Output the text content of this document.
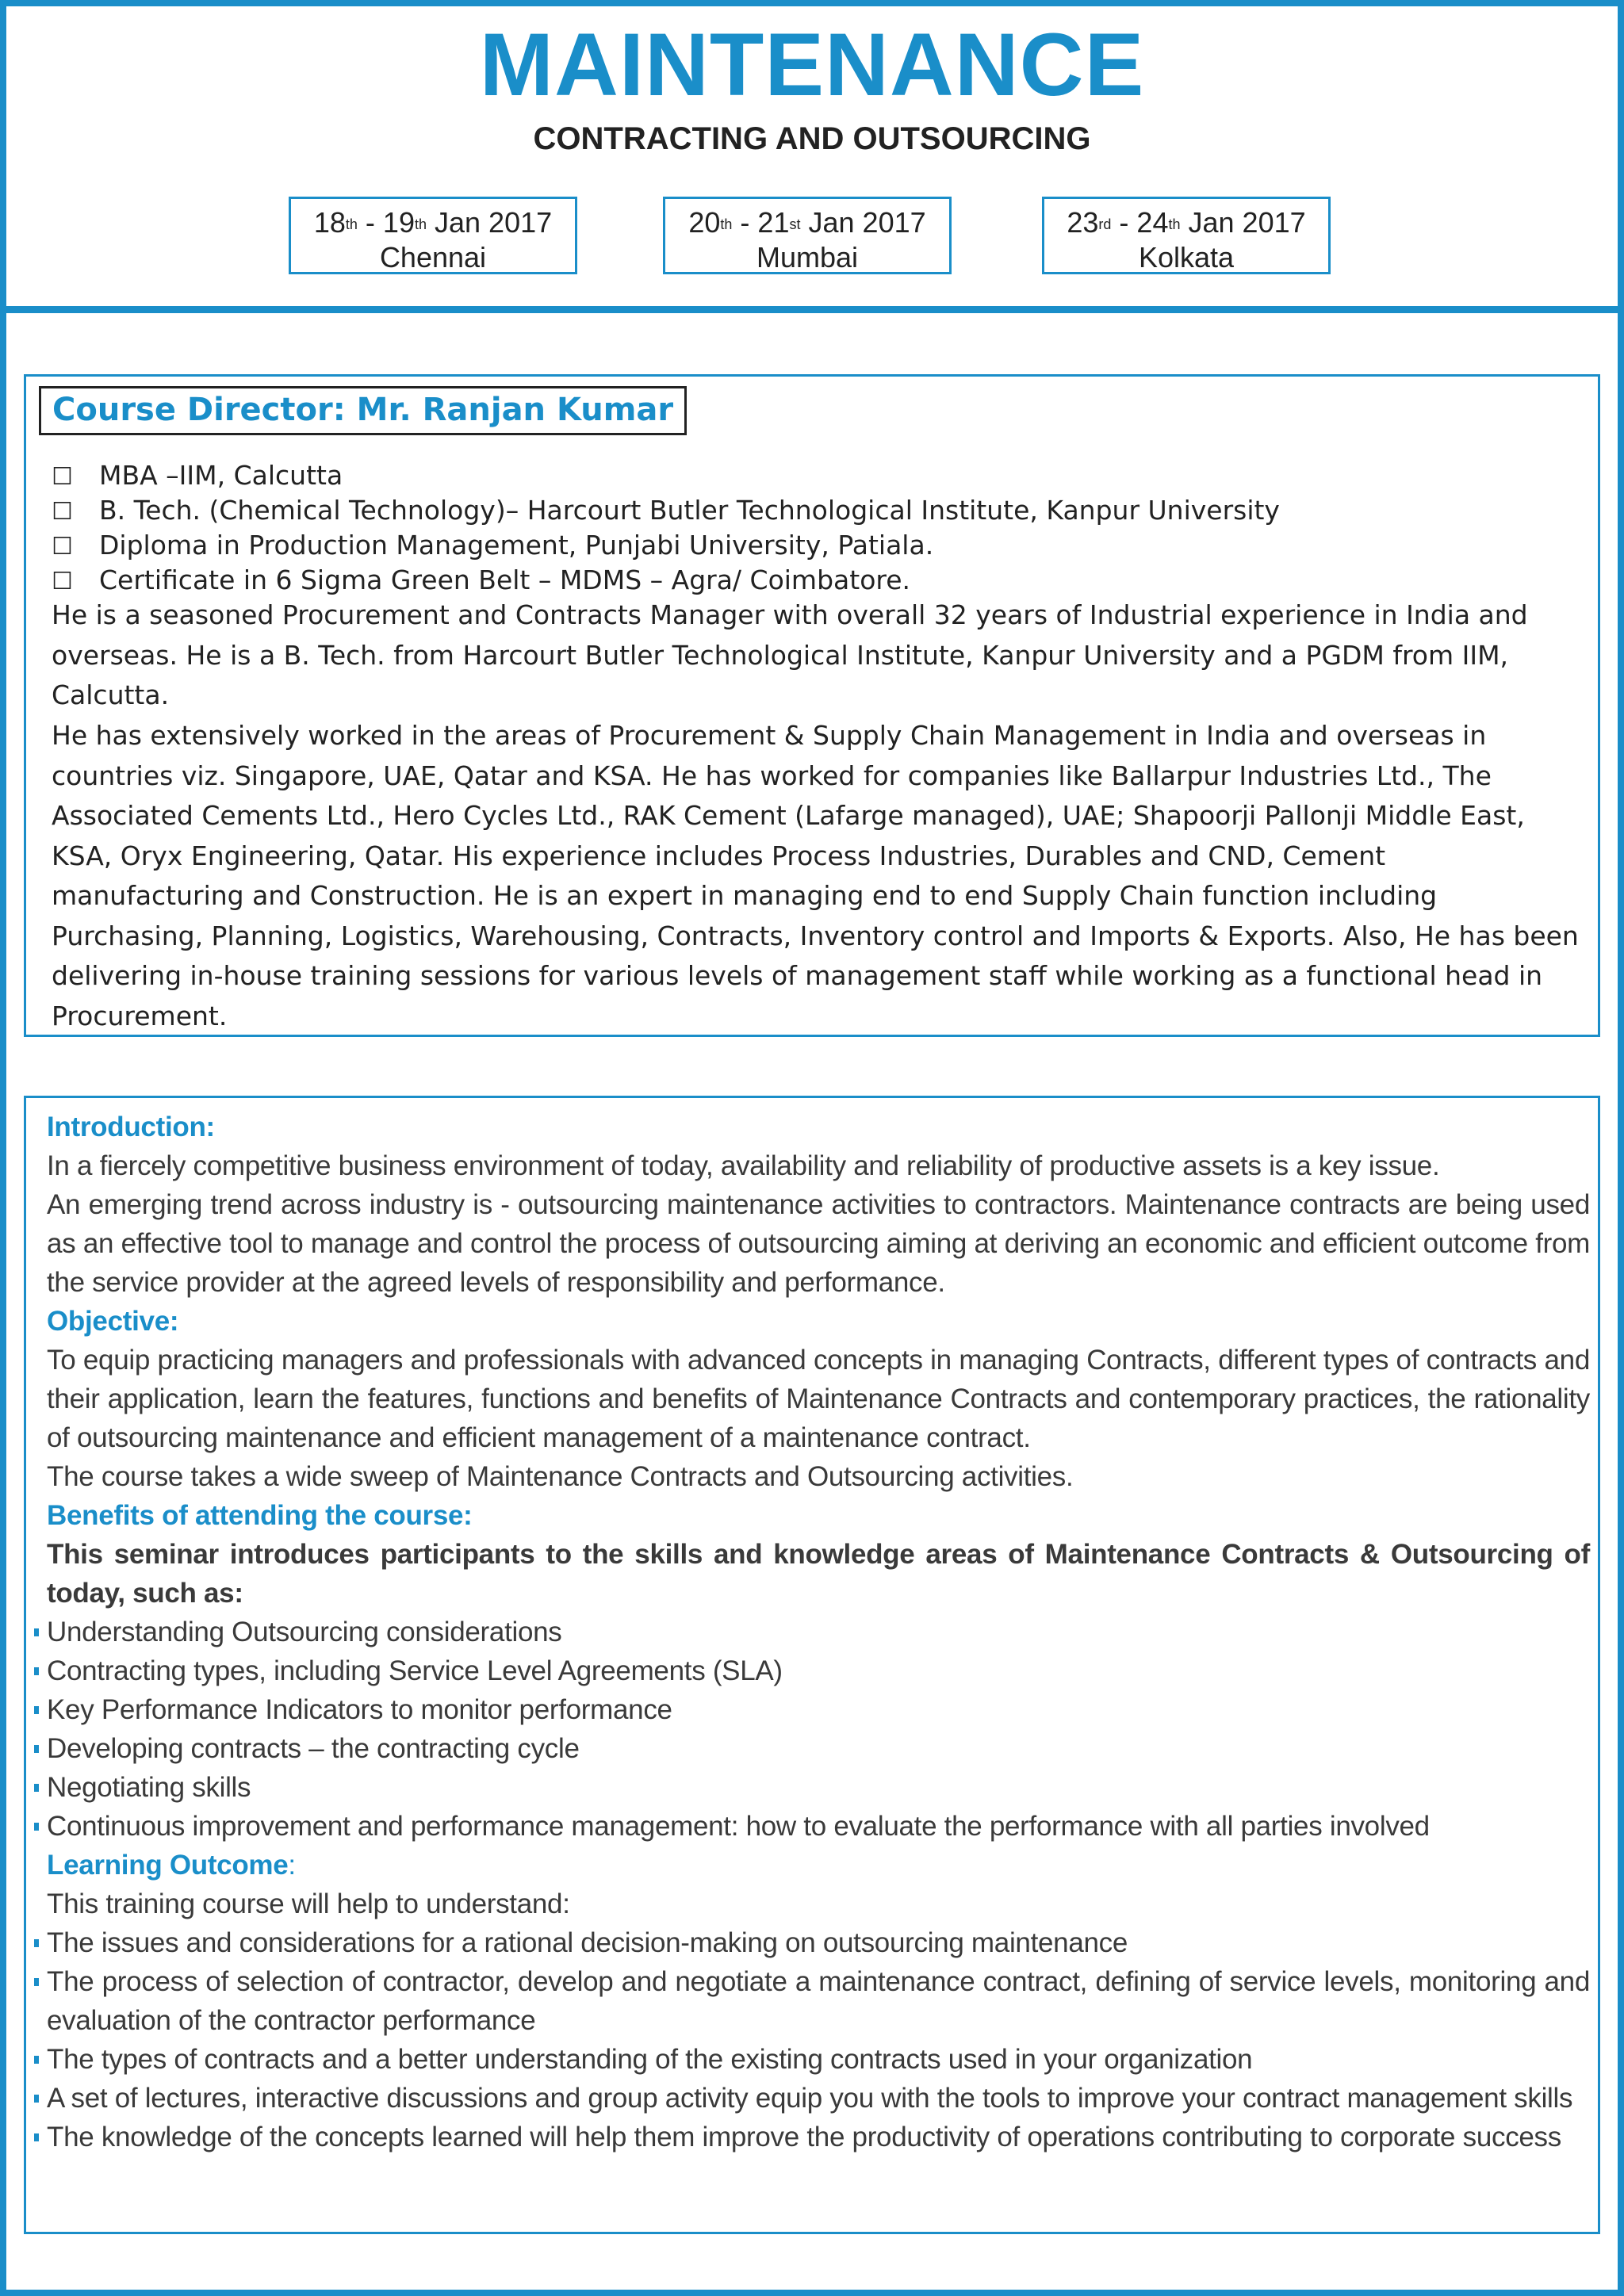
MAINTENANCE
CONTRACTING AND OUTSOURCING
18th - 19th Jan 2017
Chennai
20th - 21st Jan 2017
Mumbai
23rd - 24th Jan 2017
Kolkata
Course Director: Mr. Ranjan Kumar
☐ MBA –IIM, Calcutta
☐ B. Tech. (Chemical Technology)– Harcourt Butler Technological Institute, Kanpur University
☐ Diploma in Production Management, Punjabi University, Patiala.
☐ Certificate in 6 Sigma Green Belt – MDMS – Agra/ Coimbatore.

He is a seasoned Procurement and Contracts Manager with overall 32 years of Industrial experience in India and overseas. He is a B. Tech. from Harcourt Butler Technological Institute, Kanpur University and a PGDM from IIM, Calcutta.

He has extensively worked in the areas of Procurement & Supply Chain Management in India and overseas in countries viz. Singapore, UAE, Qatar and KSA. He has worked for companies like Ballarpur Industries Ltd., The Associated Cements Ltd., Hero Cycles Ltd., RAK Cement (Lafarge managed), UAE; Shapoorji Pallonji Middle East, KSA, Oryx Engineering, Qatar. His experience includes Process Industries, Durables and CND, Cement manufacturing and Construction. He is an expert in managing end to end Supply Chain function including Purchasing, Planning, Logistics, Warehousing, Contracts, Inventory control and Imports & Exports. Also, He has been delivering in-house training sessions for various levels of management staff while working as a functional head in Procurement.

Introduction:

In a fiercely competitive business environment of today, availability and reliability of productive assets is a key issue.

An emerging trend across industry is - outsourcing maintenance activities to contractors. Maintenance contracts are being used as an effective tool to manage and control the process of outsourcing aiming at deriving an economic and efficient outcome from the service provider at the agreed levels of responsibility and performance.

Objective:

To equip practicing managers and professionals with advanced concepts in managing Contracts, different types of contracts and their application, learn the features, functions and benefits of Maintenance Contracts and contemporary practices, the rationality of outsourcing maintenance and efficient management of a maintenance contract.

The course takes a wide sweep of Maintenance Contracts and Outsourcing activities.

Benefits of attending the course:

This seminar introduces participants to the skills and knowledge areas of Maintenance Contracts & Outsourcing of today, such as:

Understanding Outsourcing considerations
Contracting types, including Service Level Agreements (SLA)
Key Performance Indicators to monitor performance
Developing contracts – the contracting cycle
Negotiating skills
Continuous improvement and performance management: how to evaluate the performance with all parties involved

Learning Outcome:

This training course will help to understand:

The issues and considerations for a rational decision-making on outsourcing maintenance
The process of selection of contractor, develop and negotiate a maintenance contract, defining of service levels, monitoring and evaluation of the contractor performance
The types of contracts and a better understanding of the existing contracts used in your organization
A set of lectures, interactive discussions and group activity equip you with the tools to improve your contract management skills
The knowledge of the concepts learned will help them improve the productivity of operations contributing to corporate success
